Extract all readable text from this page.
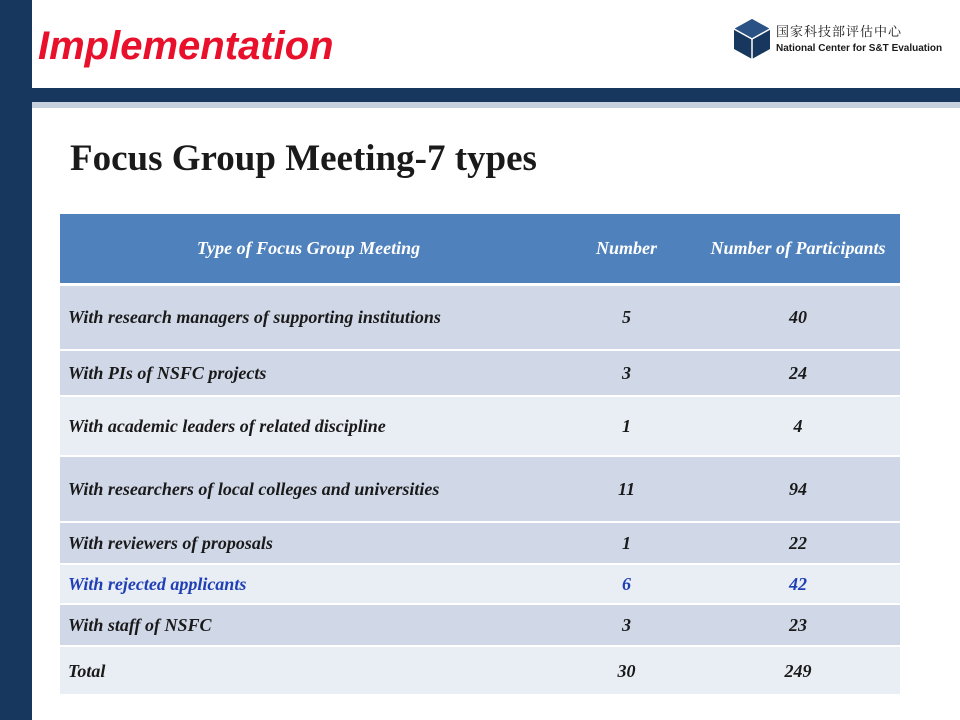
Implementation	国家科技部评估中心
National Center for S&T Evaluation
Focus Group Meeting-7 types
Type of Focus Group Meeting	Number	Number of Participants
With research managers of supporting institutions	5	40
With PIs of NSFC projects	3	24
With academic leaders of related discipline	1	4
With researchers of local colleges and universities	11	94
With reviewers of proposals	1	22
With rejected applicants	6	42
With staff of NSFC	3	23
Total	30	249
